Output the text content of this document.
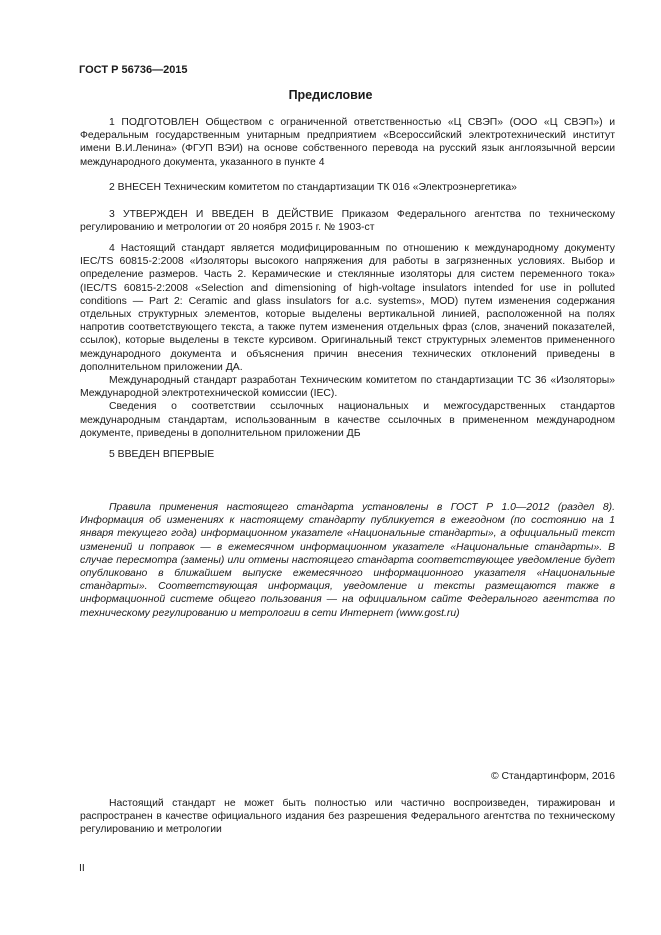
ГОСТ Р 56736—2015
Предисловие

1 ПОДГОТОВЛЕН Обществом с ограниченной ответственностью «Ц СВЭП» (ООО «Ц СВЭП») и Федеральным государственным унитарным предприятием «Всероссийский электротехнический институт имени В.И.Ленина» (ФГУП ВЭИ) на основе собственного перевода на русский язык англоязычной версии международного документа, указанного в пункте 4

2 ВНЕСЕН Техническим комитетом по стандартизации ТК 016 «Электроэнергетика»

3 УТВЕРЖДЕН И ВВЕДЕН В ДЕЙСТВИЕ Приказом Федерального агентства по техническому регулированию и метрологии от 20 ноября 2015 г. № 1903-ст

4 Настоящий стандарт является модифицированным по отношению к международному документу IEC/TS 60815-2:2008 «Изоляторы высокого напряжения для работы в загрязненных условиях. Выбор и определение размеров. Часть 2. Керамические и стеклянные изоляторы для систем переменного тока» (IEC/TS 60815-2:2008 «Selection and dimensioning of high-voltage insulators intended for use in polluted conditions — Part 2: Ceramic and glass insulators for a.c. systems», MOD) путем изменения содержания отдельных структурных элементов, которые выделены вертикальной линией, расположенной на полях напротив соответствующего текста, а также путем изменения отдельных фраз (слов, значений показателей, ссылок), которые выделены в тексте курсивом. Оригинальный текст структурных элементов примененного международного документа и объяснения причин внесения технических отклонений приведены в дополнительном приложении ДА.

Международный стандарт разработан Техническим комитетом по стандартизации ТС 36 «Изоляторы» Международной электротехнической комиссии (IEC).

Сведения о соответствии ссылочных национальных и межгосударственных стандартов международным стандартам, использованным в качестве ссылочных в примененном международном документе, приведены в дополнительном приложении ДБ

5 ВВЕДЕН ВПЕРВЫЕ

Правила применения настоящего стандарта установлены в ГОСТ Р 1.0—2012 (раздел 8). Информация об изменениях к настоящему стандарту публикуется в ежегодном (по состоянию на 1 января текущего года) информационном указателе «Национальные стандарты», а официальный текст изменений и поправок — в ежемесячном информационном указателе «Национальные стандарты». В случае пересмотра (замены) или отмены настоящего стандарта соответствующее уведомление будет опубликовано в ближайшем выпуске ежемесячного информационного указателя «Национальные стандарты». Соответствующая информация, уведомление и тексты размещаются также в информационной системе общего пользования — на официальном сайте Федерального агентства по техническому регулированию и метрологии в сети Интернет (www.gost.ru)

© Стандартинформ, 2016

Настоящий стандарт не может быть полностью или частично воспроизведен, тиражирован и распространен в качестве официального издания без разрешения Федерального агентства по техническому регулированию и метрологии

II
